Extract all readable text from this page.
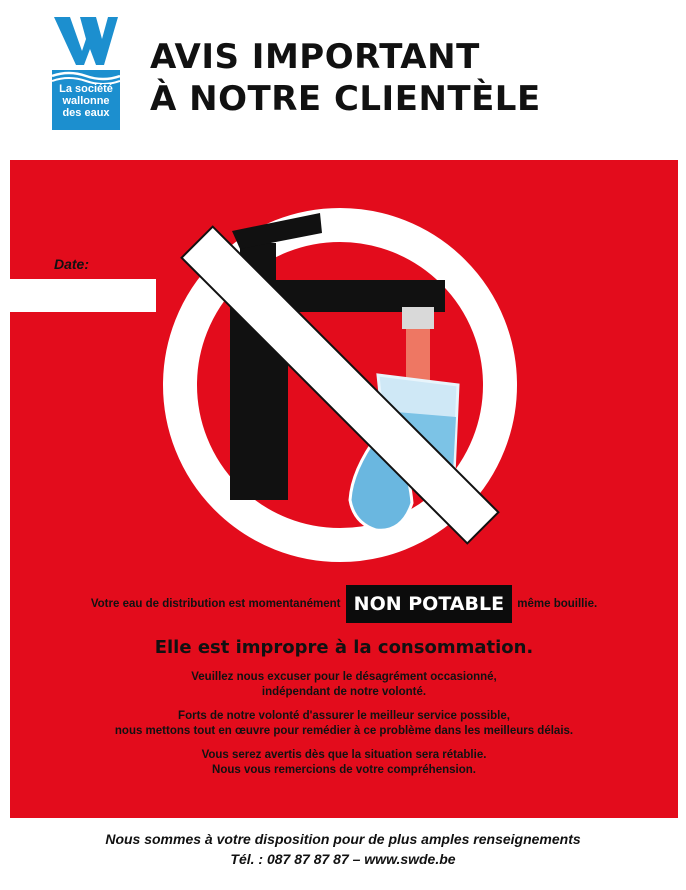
La société
wallonne
des eaux
AVIS IMPORTANT
À NOTRE CLIENTÈLE
Date:
Votre eau de distribution est momentanément NON POTABLE même bouillie.
Elle est impropre à la consommation.
Veuillez nous excuser pour le désagrément occasionné,
indépendant de notre volonté.
Forts de notre volonté d'assurer le meilleur service possible,
nous mettons tout en œuvre pour remédier à ce problème dans les meilleurs délais.
Vous serez avertis dès que la situation sera rétablie.
Nous vous remercions de votre compréhension.
Nous sommes à votre disposition pour de plus amples renseignements
Tél. : 087 87 87 87 – www.swde.be
